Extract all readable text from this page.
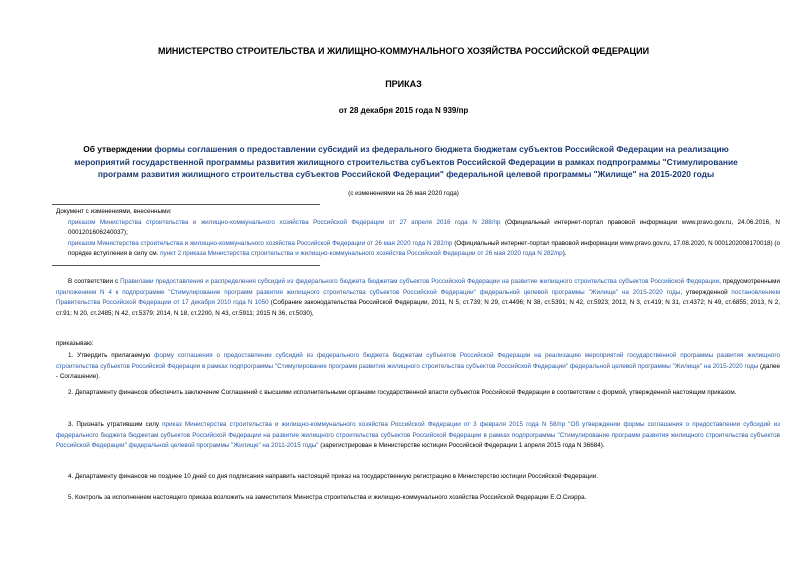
МИНИСТЕРСТВО СТРОИТЕЛЬСТВА И ЖИЛИЩНО-КОММУНАЛЬНОГО ХОЗЯЙСТВА РОССИЙСКОЙ ФЕДЕРАЦИИ
ПРИКАЗ
от 28 декабря 2015 года N 939/пр
Об утверждении формы соглашения о предоставлении субсидий из федерального бюджета бюджетам субъектов Российской Федерации на реализацию мероприятий государственной программы развития жилищного строительства субъектов Российской Федерации в рамках подпрограммы "Стимулирование программ развития жилищного строительства субъектов Российской Федерации" федеральной целевой программы "Жилище" на 2015-2020 годы
(с изменениями на 26 мая 2020 года)
Документ с изменениями, внесенными:
приказом Министерства строительства и жилищно-коммунального хозяйства Российской Федерации от 27 апреля 2016 года N 288/пр (Официальный интернет-портал правовой информации www.pravo.gov.ru, 24.06.2016, N 0001201606240037);
приказом Министерства строительства и жилищно-коммунального хозяйства Российской Федерации от 26 мая 2020 года N 282/пр (Официальный интернет-портал правовой информации www.pravo.gov.ru, 17.08.2020, N 0001202008170018) (о порядке вступления в силу см. пункт 2 приказа Министерства строительства и жилищно-коммунального хозяйства Российской Федерации от 26 мая 2020 года N 282/пр).
В соответствии с Правилами предоставления и распределения субсидий из федерального бюджета бюджетам субъектов Российской Федерации на развитие жилищного строительства субъектов Российской Федерации, предусмотренными приложением N 4 к подпрограмме "Стимулирование программ развития жилищного строительства субъектов Российской Федерации" федеральной целевой программы "Жилище" на 2015-2020 годы, утвержденной постановлением Правительства Российской Федерации от 17 декабря 2010 года N 1050 (Собрание законодательства Российской Федерации, 2011, N 5, ст.739; N 29, ст.4496; N 38, ст.5391; N 42, ст.5923; 2012, N 3, ст.419; N 31, ст.4372; N 49, ст.6855; 2013, N 2, ст.91; N 20, ст.2485; N 42, ст.5379; 2014, N 18, ст.2200, N 43, ст.5911; 2015 N 36, ст.5030),
приказываю:
1. Утвердить прилагаемую форму соглашения о предоставлении субсидий из федерального бюджета бюджетам субъектов Российской Федерации на реализацию мероприятий государственной программы развития жилищного строительства субъектов Российской Федерации в рамках подпрограммы "Стимулирование программ развития жилищного строительства субъектов Российской Федерации" федеральной целевой программы "Жилище" на 2015-2020 годы (далее - Соглашение).
2. Департаменту финансов обеспечить заключение Соглашений с высшими исполнительными органами государственной власти субъектов Российской Федерации в соответствии с формой, утвержденной настоящим приказом.
3. Признать утратившим силу приказ Министерства строительства и жилищно-коммунального хозяйства Российской Федерации от 3 февраля 2015 года N 58/пр "Об утверждении формы соглашения о предоставлении субсидий из федерального бюджета бюджетам субъектов Российской Федерации на развитие жилищного строительства субъектов Российской Федерации в рамках подпрограммы "Стимулирование программ развития жилищного строительства субъектов Российской Федерации" федеральной целевой программы "Жилище" на 2011-2015 годы" (зарегистрирован в Министерстве юстиции Российской Федерации 1 апреля 2015 года N 36684).
4. Департаменту финансов не позднее 10 дней со дня подписания направить настоящий приказ на государственную регистрацию в Министерство юстиции Российской Федерации.
5. Контроль за исполнением настоящего приказа возложить на заместителя Министра строительства и жилищно-коммунального хозяйства Российской Федерации Е.О.Сиэрра.
